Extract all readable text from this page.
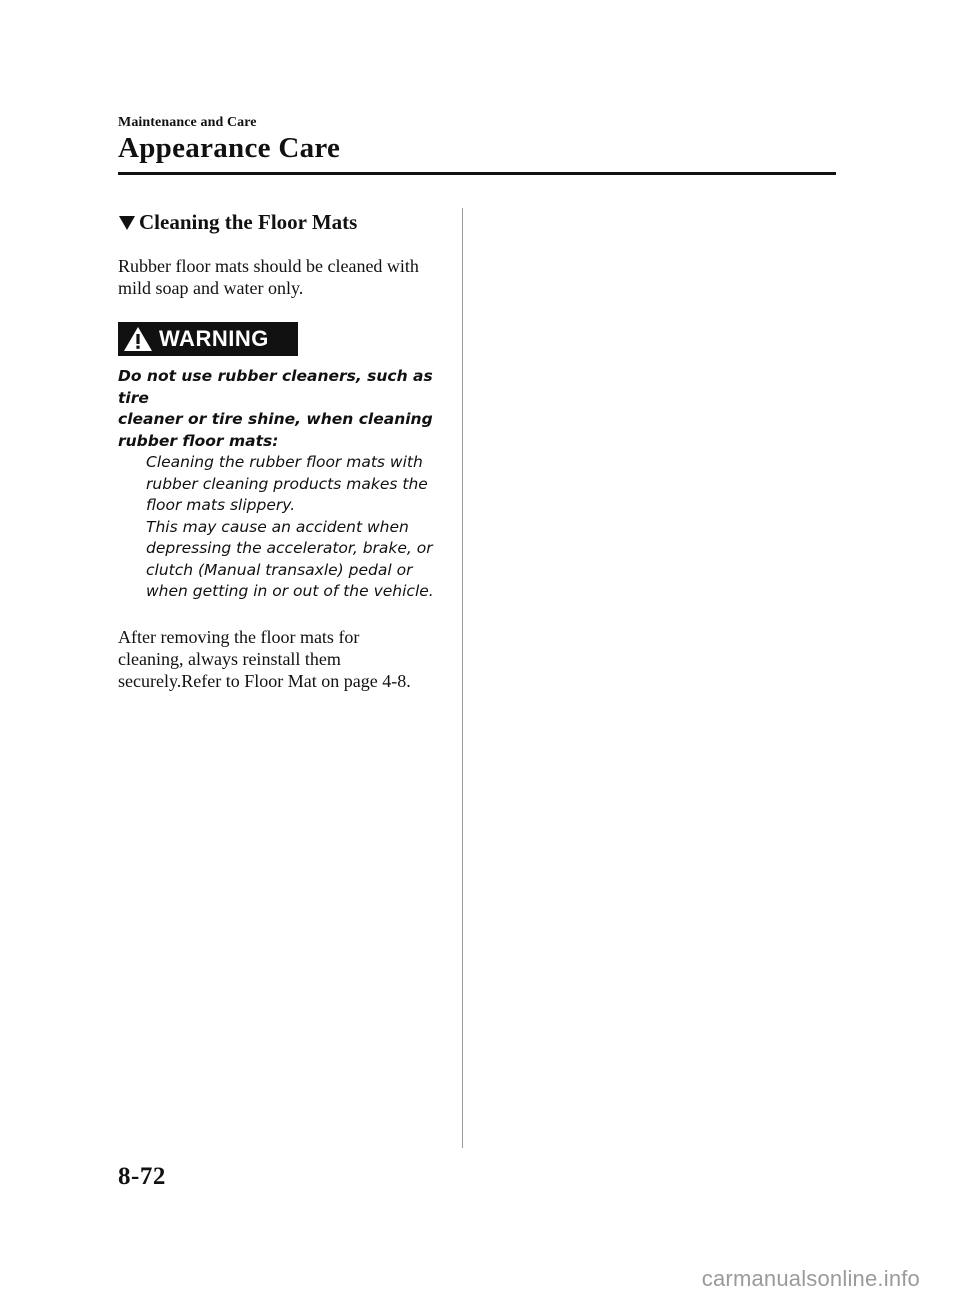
Maintenance and Care
Appearance Care
Cleaning the Floor Mats

Rubber floor mats should be cleaned with
mild soap and water only.

WARNING

Do not use rubber cleaners, such as tire
cleaner or tire shine, when cleaning
rubber floor mats:

Cleaning the rubber floor mats with
rubber cleaning products makes the
floor mats slippery.
This may cause an accident when
depressing the accelerator, brake, or
clutch (Manual transaxle) pedal or
when getting in or out of the vehicle.

After removing the floor mats for
cleaning, always reinstall them
securely.Refer to Floor Mat on page 4-8.

8-72
carmanualsonline.info
